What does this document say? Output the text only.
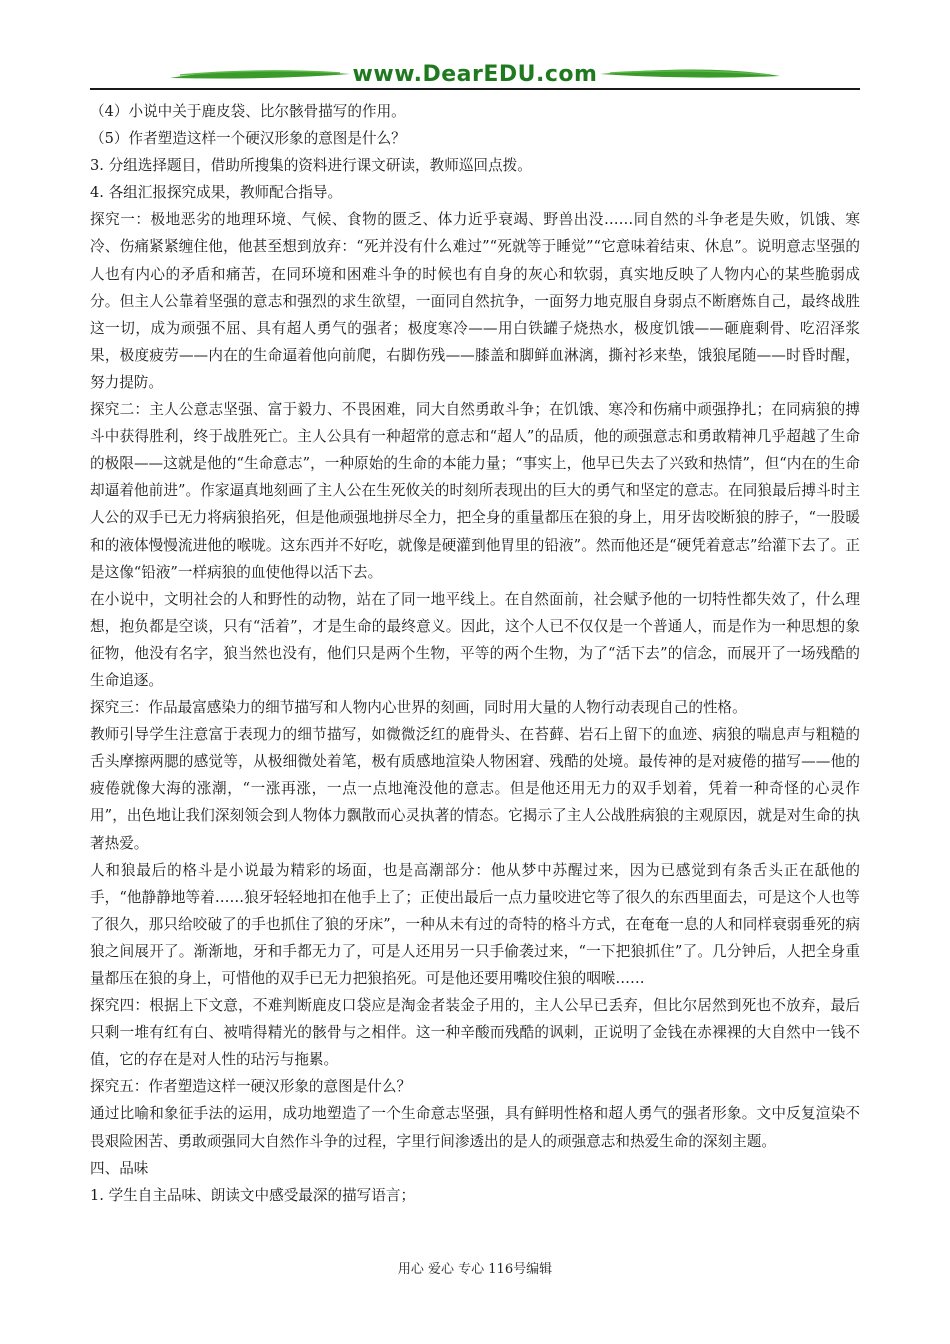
www.DearEDU.com

（4）小说中关于鹿皮袋、比尔骸骨描写的作用。

（5）作者塑造这样一个硬汉形象的意图是什么？

3. 分组选择题目，借助所搜集的资料进行课文研读，教师巡回点拨。

4. 各组汇报探究成果，教师配合指导。

探究一：极地恶劣的地理环境、气候、食物的匮乏、体力近乎衰竭、野兽出没……同自然的斗争老是失败，饥饿、寒冷、伤痛紧紧缠住他，他甚至想到放弃：“死并没有什么难过”“死就等于睡觉”“它意味着结束、休息”。说明意志坚强的人也有内心的矛盾和痛苦，在同环境和困难斗争的时候也有自身的灰心和软弱，真实地反映了人物内心的某些脆弱成分。但主人公靠着坚强的意志和强烈的求生欲望，一面同自然抗争，一面努力地克服自身弱点不断磨炼自己，最终战胜这一切，成为顽强不屈、具有超人勇气的强者；极度寒冷——用白铁罐子烧热水，极度饥饿——砸鹿剩骨、吃沼泽浆果，极度疲劳——内在的生命逼着他向前爬，右脚伤残——膝盖和脚鲜血淋漓，撕衬衫来垫，饿狼尾随——时昏时醒，努力提防。

探究二：主人公意志坚强、富于毅力、不畏困难，同大自然勇敢斗争；在饥饿、寒冷和伤痛中顽强挣扎；在同病狼的搏斗中获得胜利，终于战胜死亡。主人公具有一种超常的意志和“超人”的品质，他的顽强意志和勇敢精神几乎超越了生命的极限——这就是他的“生命意志”，一种原始的生命的本能力量；“事实上，他早已失去了兴致和热情”，但“内在的生命却逼着他前进”。作家逼真地刻画了主人公在生死攸关的时刻所表现出的巨大的勇气和坚定的意志。在同狼最后搏斗时主人公的双手已无力将病狼掐死，但是他顽强地拼尽全力，把全身的重量都压在狼的身上，用牙齿咬断狼的脖子，“一股暖和的液体慢慢流进他的喉咙。这东西并不好吃，就像是硬灌到他胃里的铅液”。然而他还是“硬凭着意志”给灌下去了。正是这像“铅液”一样病狼的血使他得以活下去。

在小说中，文明社会的人和野性的动物，站在了同一地平线上。在自然面前，社会赋予他的一切特性都失效了，什么理想，抱负都是空谈，只有“活着”，才是生命的最终意义。因此，这个人已不仅仅是一个普通人，而是作为一种思想的象征物，他没有名字，狼当然也没有，他们只是两个生物，平等的两个生物，为了“活下去”的信念，而展开了一场残酷的生命追逐。

探究三：作品最富感染力的细节描写和人物内心世界的刻画，同时用大量的人物行动表现自己的性格。

教师引导学生注意富于表现力的细节描写，如微微泛红的鹿骨头、在苔藓、岩石上留下的血迹、病狼的喘息声与粗糙的舌头摩擦两腮的感觉等，从极细微处着笔，极有质感地渲染人物困窘、残酷的处境。最传神的是对疲倦的描写——他的疲倦就像大海的涨潮，“一涨再涨，一点一点地淹没他的意志。但是他还用无力的双手划着，凭着一种奇怪的心灵作用”，出色地让我们深刻领会到人物体力飘散而心灵执著的情态。它揭示了主人公战胜病狼的主观原因，就是对生命的执著热爱。

人和狼最后的格斗是小说最为精彩的场面，也是高潮部分：他从梦中苏醒过来，因为已感觉到有条舌头正在舐他的手，“他静静地等着……狼牙轻轻地扣在他手上了；正使出最后一点力量咬进它等了很久的东西里面去，可是这个人也等了很久，那只给咬破了的手也抓住了狼的牙床”，一种从未有过的奇特的格斗方式，在奄奄一息的人和同样衰弱垂死的病狼之间展开了。渐渐地，牙和手都无力了，可是人还用另一只手偷袭过来，“一下把狼抓住”了。几分钟后，人把全身重量都压在狼的身上，可惜他的双手已无力把狼掐死。可是他还要用嘴咬住狼的咽喉……

探究四：根据上下文意，不难判断鹿皮口袋应是淘金者装金子用的，主人公早已丢弃，但比尔居然到死也不放弃，最后只剩一堆有红有白、被啃得精光的骸骨与之相伴。这一种辛酸而残酷的讽刺，正说明了金钱在赤裸裸的大自然中一钱不值，它的存在是对人性的玷污与拖累。

探究五：作者塑造这样一硬汉形象的意图是什么？

通过比喻和象征手法的运用，成功地塑造了一个生命意志坚强，具有鲜明性格和超人勇气的强者形象。文中反复渲染不畏艰险困苦、勇敢顽强同大自然作斗争的过程，字里行间渗透出的是人的顽强意志和热爱生命的深刻主题。

四、品味

1. 学生自主品味、朗读文中感受最深的描写语言；

用心 爱心 专心 116号编辑
